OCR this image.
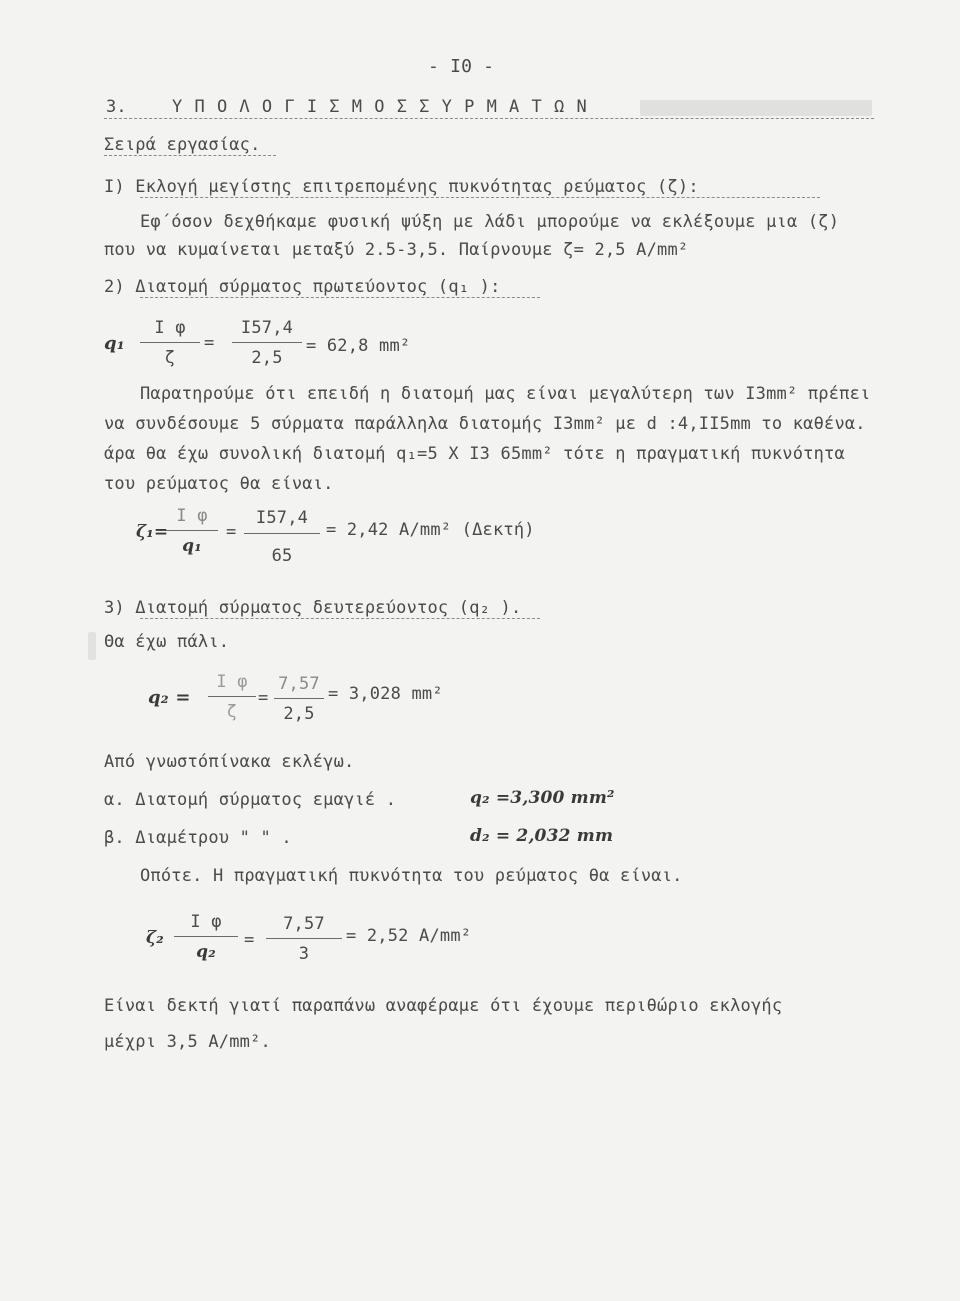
- Ι0 -
3.	Υ Π Ο Λ Ο Γ Ι Σ Μ Ο Σ Σ Υ Ρ Μ Α Τ Ω Ν
Σειρά εργασίας.
Ι) Εκλογή μεγίστης επιτρεπομένης πυκνότητας ρεύματος (ζ):
Εφ΄όσον δεχθήκαμε φυσική ψύξη με λάδι μπορούμε να εκλέξουμε μια (ζ)
που να κυμαίνεται μεταξύ 2.5-3,5. Παίρνουμε ζ= 2,5 Α/mm²
2) Διατομή σύρματος πρωτεύοντος (q₁ ):
q₁
Ι φ
ζ
=
Ι57,4
2,5
= 62,8 mm²
Παρατηρούμε ότι επειδή η διατομή μας είναι μεγαλύτερη των Ι3mm² πρέπει
να συνδέσουμε 5 σύρματα παράλληλα διατομής Ι3mm² με d :4,ΙΙ5mm το καθένα.
άρα θα έχω συνολική διατομή q₁=5 Χ Ι3 65mm² τότε η πραγματική πυκνότητα
του ρεύματος θα είναι.
ζ₁=
Ι φ
q₁
=
Ι57,4
65
= 2,42 Α/mm² (Δεκτή)
3) Διατομή σύρματος δευτερεύοντος (q₂ ).
Θα έχω πάλι.
q₂ =
Ι φ
ζ
=
7,57
2,5
= 3,028 mm²
Από γνωστόπίνακα εκλέγω.
α. Διατομή σύρματος εμαγιέ .	q₂ =3,300 mm²
β. Διαμέτρου " " .	d₂ = 2,032 mm
Οπότε. Η πραγματική πυκνότητα του ρεύματος θα είναι.
ζ₂
Ι φ
q₂
=
7,57
3
= 2,52 Α/mm²
Είναι δεκτή γιατί παραπάνω αναφέραμε ότι έχουμε περιθώριο εκλογής
μέχρι 3,5 Α/mm².
